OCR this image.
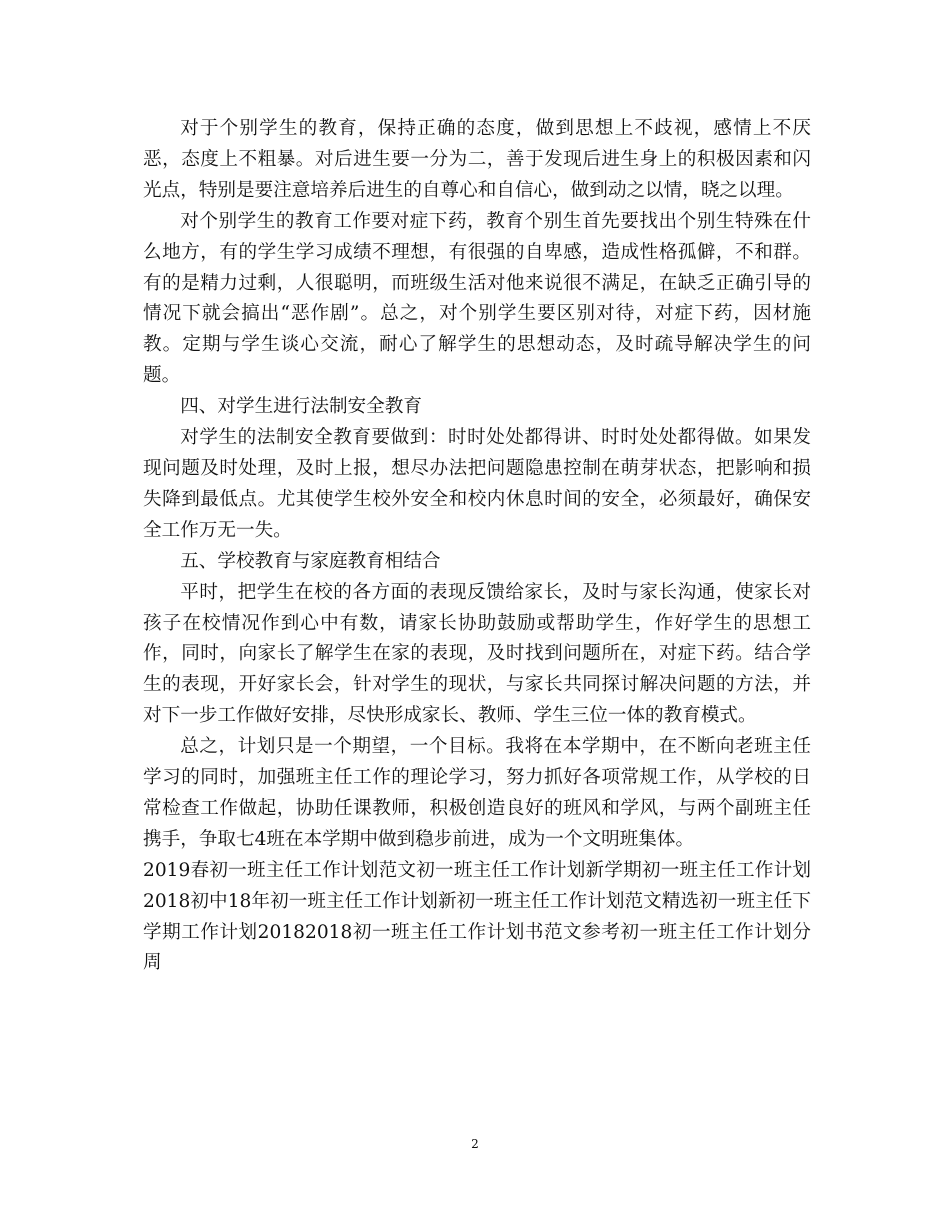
对于个别学生的教育，保持正确的态度，做到思想上不歧视，感情上不厌恶，态度上不粗暴。对后进生要一分为二，善于发现后进生身上的积极因素和闪光点，特别是要注意培养后进生的自尊心和自信心，做到动之以情，晓之以理。

对个别学生的教育工作要对症下药，教育个别生首先要找出个别生特殊在什么地方，有的学生学习成绩不理想，有很强的自卑感，造成性格孤僻，不和群。有的是精力过剩，人很聪明，而班级生活对他来说很不满足，在缺乏正确引导的情况下就会搞出“恶作剧”。总之，对个别学生要区别对待，对症下药，因材施教。定期与学生谈心交流，耐心了解学生的思想动态，及时疏导解决学生的问题。

四、对学生进行法制安全教育

对学生的法制安全教育要做到：时时处处都得讲、时时处处都得做。如果发现问题及时处理，及时上报，想尽办法把问题隐患控制在萌芽状态，把影响和损失降到最低点。尤其使学生校外安全和校内休息时间的安全，必须最好，确保安全工作万无一失。

五、学校教育与家庭教育相结合

平时，把学生在校的各方面的表现反馈给家长，及时与家长沟通，使家长对孩子在校情况作到心中有数，请家长协助鼓励或帮助学生，作好学生的思想工作，同时，向家长了解学生在家的表现，及时找到问题所在，对症下药。结合学生的表现，开好家长会，针对学生的现状，与家长共同探讨解决问题的方法，并对下一步工作做好安排，尽快形成家长、教师、学生三位一体的教育模式。

总之，计划只是一个期望，一个目标。我将在本学期中，在不断向老班主任学习的同时，加强班主任工作的理论学习，努力抓好各项常规工作，从学校的日常检查工作做起，协助任课教师，积极创造良好的班风和学风，与两个副班主任携手，争取七4班在本学期中做到稳步前进，成为一个文明班集体。

2019春初一班主任工作计划范文初一班主任工作计划新学期初一班主任工作计划2018初中18年初一班主任工作计划新初一班主任工作计划范文精选初一班主任下学期工作计划20182018初一班主任工作计划书范文参考初一班主任工作计划分周

2
